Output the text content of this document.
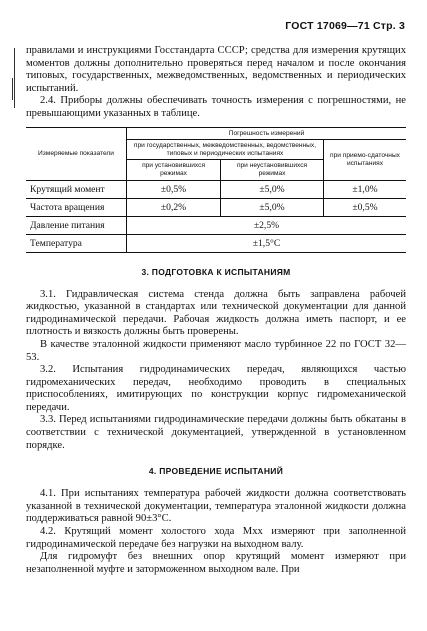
ГОСТ 17069—71 Стр. 3

правилами и инструкциями Госстандарта СССР; средства для измерения крутящих моментов должны дополнительно проверяться перед началом и после окончания типовых, государственных, межведомственных, ведомственных и периодических испытаний.

2.4. Приборы должны обеспечивать точность измерения с погрешностями, не превышающими указанных в таблице.

Измеряемые показатели	Погрешность измерений		
	при государственных, межведомственных, ведомственных, типовых и периодических испытаниях		при приемо-сдаточных испытаниях
	при установившихся режимах	при неустановившихся режимах	
Крутящий момент	±0,5%	±5,0%	±1,0%
Частота вращения	±0,2%	±5,0%	±0,5%
Давление питания	±2,5%		
Температура	±1,5°С		
3. ПОДГОТОВКА К ИСПЫТАНИЯМ

3.1. Гидравлическая система стенда должна быть заправлена рабочей жидкостью, указанной в стандартах или технической документации для данной гидродинамической передачи. Рабочая жидкость должна иметь паспорт, и ее плотность и вязкость должны быть проверены.

В качестве эталонной жидкости применяют масло турбинное 22 по ГОСТ 32—53.

3.2. Испытания гидродинамических передач, являющихся частью гидромеханических передач, необходимо проводить в специальных приспособлениях, имитирующих по конструкции корпус гидромеханической передачи.

3.3. Перед испытаниями гидродинамические передачи должны быть обкатаны в соответствии с технической документацией, утвержденной в установленном порядке.

4. ПРОВЕДЕНИЕ ИСПЫТАНИЙ

4.1. При испытаниях температура рабочей жидкости должна соответствовать указанной в технической документации, температура эталонной жидкости должна поддерживаться равной 90±3°С.

4.2. Крутящий момент холостого хода Mхх измеряют при заполненной гидродинамической передаче без нагрузки на выходном валу.

Для гидромуфт без внешних опор крутящий момент измеряют при незаполненной муфте и заторможенном выходном вале. При
